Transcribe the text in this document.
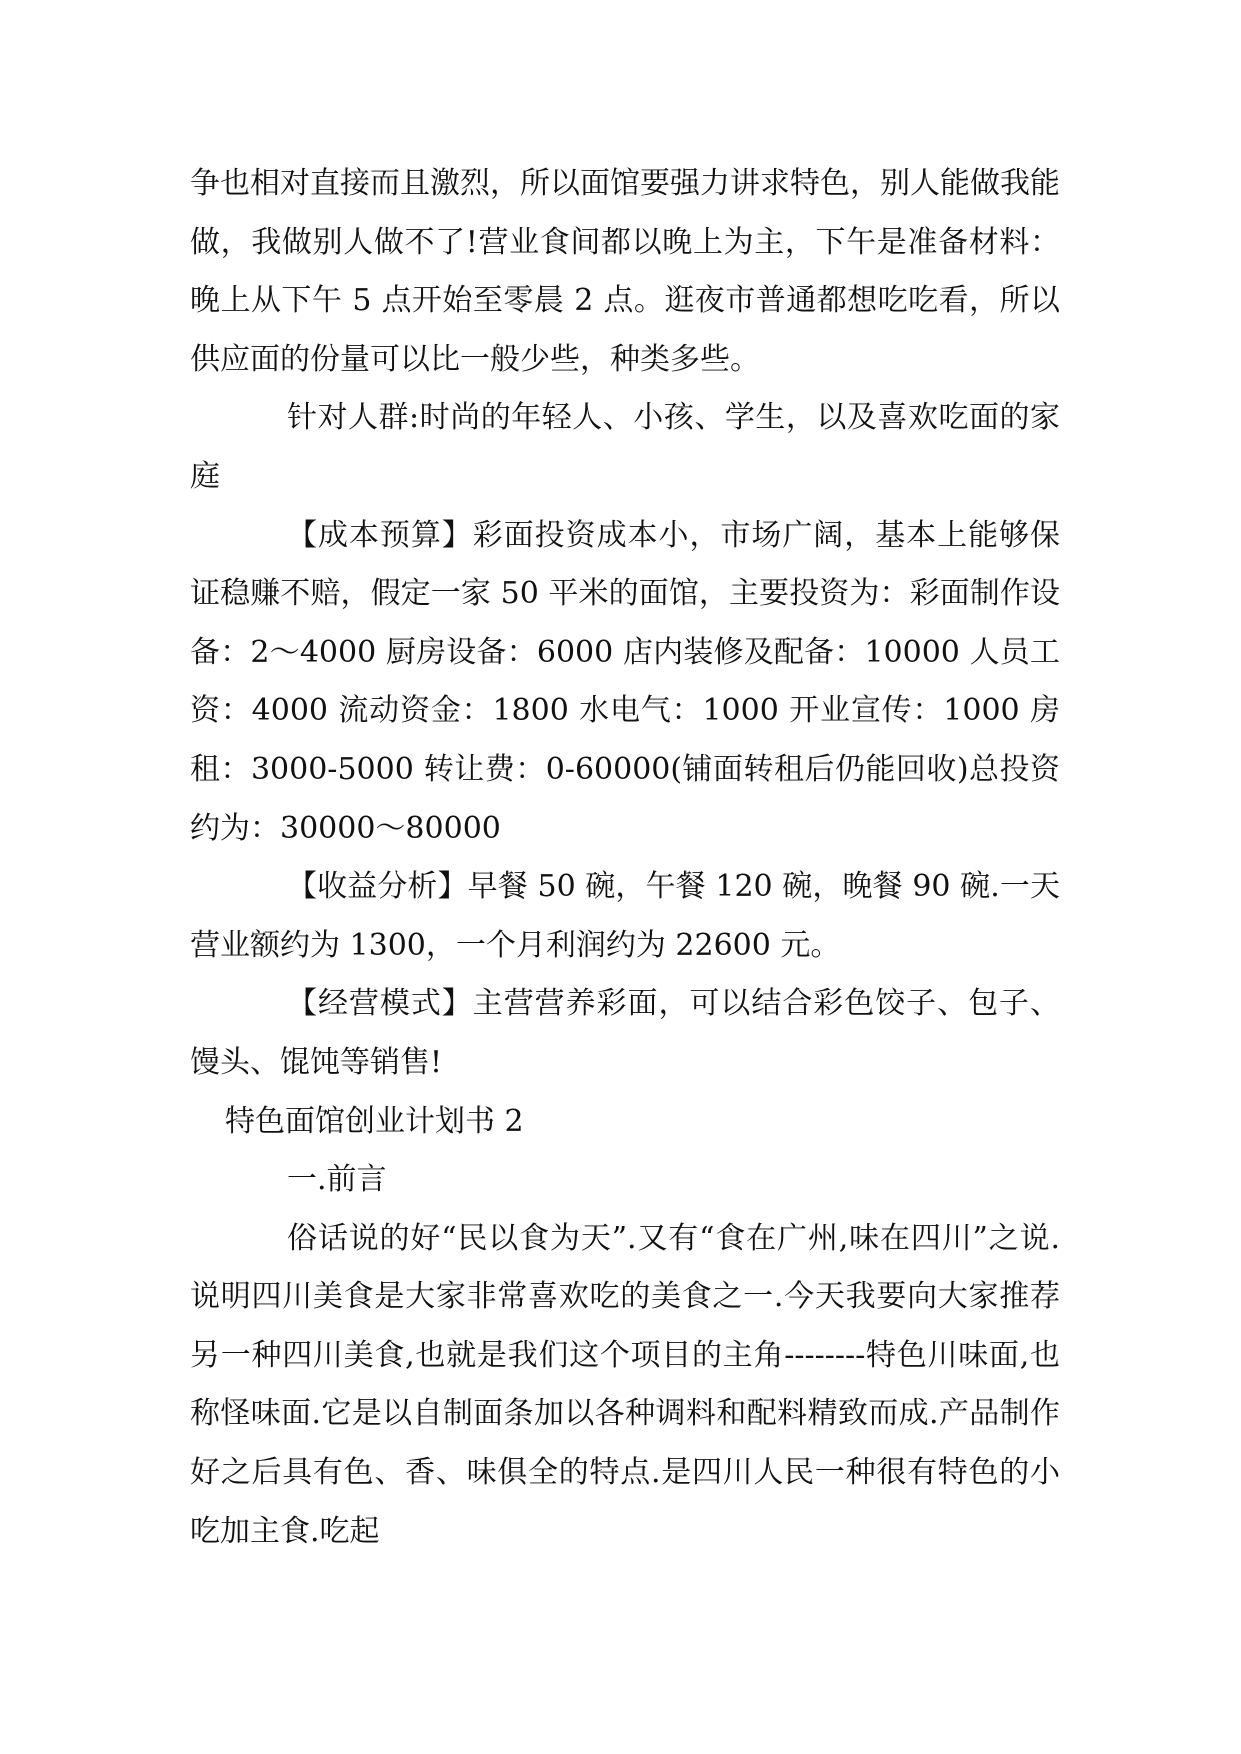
争也相对直接而且激烈，所以面馆要强力讲求特色，别人能做我能做，我做别人做不了!营业食间都以晚上为主，下午是准备材料：晚上从下午 5 点开始至零晨 2 点。逛夜市普通都想吃吃看，所以供应面的份量可以比一般少些，种类多些。

针对人群:时尚的年轻人、小孩、学生，以及喜欢吃面的家庭

【成本预算】彩面投资成本小，市场广阔，基本上能够保证稳赚不赔，假定一家 50 平米的面馆，主要投资为：彩面制作设备：2～4000 厨房设备：6000 店内装修及配备：10000 人员工资：4000 流动资金：1800 水电气：1000 开业宣传：1000 房租：3000-5000 转让费：0-60000(铺面转租后仍能回收)总投资约为：30000～80000

【收益分析】早餐 50 碗，午餐 120 碗，晚餐 90 碗.一天营业额约为 1300，一个月利润约为 22600 元。

【经营模式】主营营养彩面，可以结合彩色饺子、包子、馒头、馄饨等销售!

特色面馆创业计划书 2

一.前言

俗话说的好“民以食为天”.又有“食在广州,味在四川”之说.说明四川美食是大家非常喜欢吃的美食之一.今天我要向大家推荐另一种四川美食,也就是我们这个项目的主角--------特色川味面,也称怪味面.它是以自制面条加以各种调料和配料精致而成.产品制作好之后具有色、香、味俱全的特点.是四川人民一种很有特色的小吃加主食.吃起
